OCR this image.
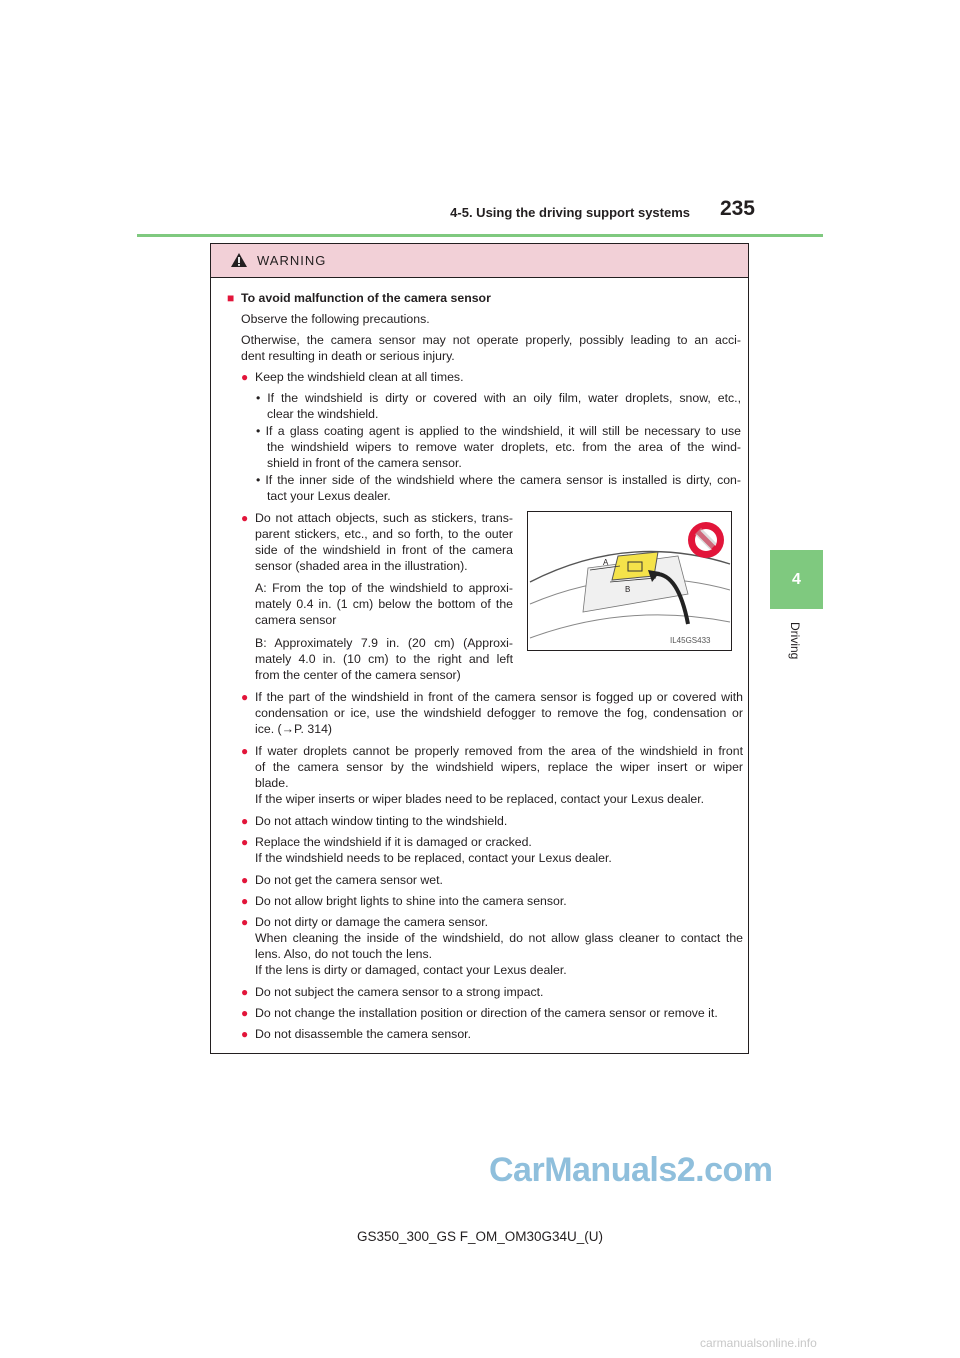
4-5. Using the driving support systems	235
4
Driving
WARNING
■ To avoid malfunction of the camera sensor
Observe the following precautions.
Otherwise, the camera sensor may not operate properly, possibly leading to an acci-
dent resulting in death or serious injury.
● Keep the windshield clean at all times.
• If the windshield is dirty or covered with an oily film, water droplets, snow, etc.,
clear the windshield.
• If a glass coating agent is applied to the windshield, it will still be necessary to use
the windshield wipers to remove water droplets, etc. from the area of the wind-
shield in front of the camera sensor.
• If the inner side of the windshield where the camera sensor is installed is dirty, con-
tact your Lexus dealer.
● Do not attach objects, such as stickers, trans-
parent stickers, etc., and so forth, to the outer
side of the windshield in front of the camera
sensor (shaded area in the illustration).
A: From the top of the windshield to approxi-
mately 0.4 in. (1 cm) below the bottom of the
camera sensor
B: Approximately 7.9 in. (20 cm) (Approxi-
mately 4.0 in. (10 cm) to the right and left
from the center of the camera sensor)
● If the part of the windshield in front of the camera sensor is fogged up or covered with
condensation or ice, use the windshield defogger to remove the fog, condensation or
ice. (→P. 314)
● If water droplets cannot be properly removed from the area of the windshield in front
of the camera sensor by the windshield wipers, replace the wiper insert or wiper
blade.
If the wiper inserts or wiper blades need to be replaced, contact your Lexus dealer.
● Do not attach window tinting to the windshield.
● Replace the windshield if it is damaged or cracked.
If the windshield needs to be replaced, contact your Lexus dealer.
● Do not get the camera sensor wet.
● Do not allow bright lights to shine into the camera sensor.
● Do not dirty or damage the camera sensor.
When cleaning the inside of the windshield, do not allow glass cleaner to contact the
lens. Also, do not touch the lens.
If the lens is dirty or damaged, contact your Lexus dealer.
● Do not subject the camera sensor to a strong impact.
● Do not change the installation position or direction of the camera sensor or remove it.
● Do not disassemble the camera sensor.
A
B
IL45GS433
GS350_300_GS F_OM_OM30G34U_(U)
CarManuals2.com
carmanualsonline.info
